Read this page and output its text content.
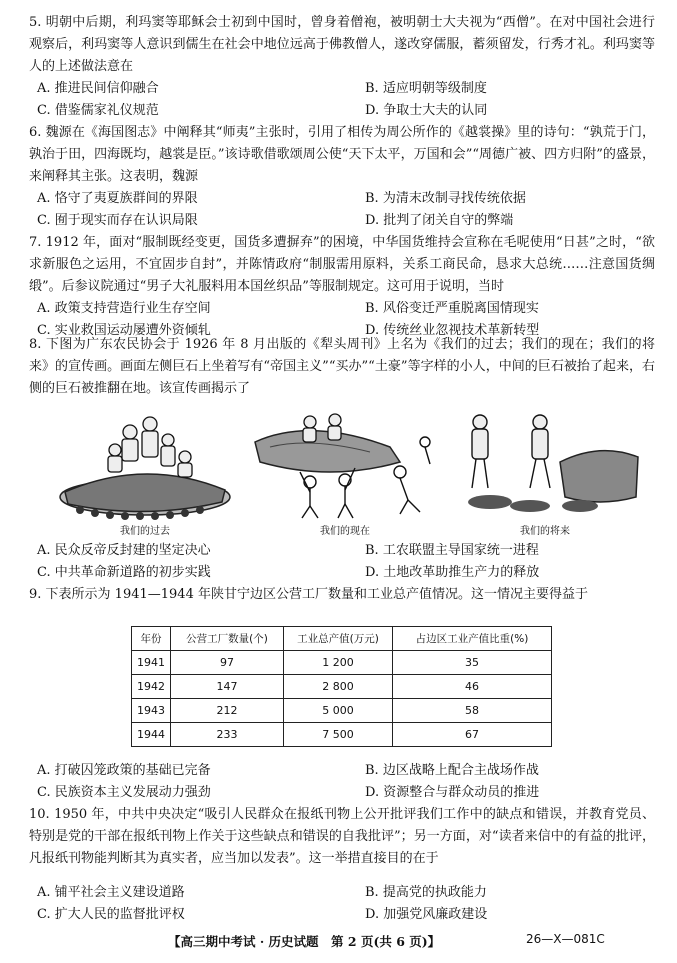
5. 明朝中后期，利玛窦等耶稣会士初到中国时，曾身着僧袍，被明朝士大夫视为“西僧”。在对中国社会进行观察后，利玛窦等人意识到儒生在社会中地位远高于佛教僧人，遂改穿儒服，蓄须留发，行秀才礼。利玛窦等人的上述做法意在

A. 推进民间信仰融合	B. 适应明朝等级制度
C. 借鉴儒家礼仪规范	D. 争取士大夫的认同

6. 魏源在《海国图志》中阐释其“师夷”主张时，引用了相传为周公所作的《越裳操》里的诗句：“孰荒于门，孰治于田，四海既均，越裳是臣。”该诗歌借歌颂周公使“天下太平，万国和会”“周德广被、四方归附”的盛景，来阐释其主张。这表明，魏源

A. 恪守了夷夏族群间的界限	B. 为清末改制寻找传统依据
C. 囿于现实而存在认识局限	D. 批判了闭关自守的弊端

7. 1912 年，面对“服制既经变更，国货多遭摒弃”的困境，中华国货维持会宣称在毛呢使用“日甚”之时，“欲求新服色之运用，不宜固步自封”，并陈情政府“制服需用原料，关系工商民命，恳求大总统……注意国货绸缎”。后参议院通过“男子大礼服料用本国丝织品”等服制规定。这可用于说明，当时

A. 政策支持营造行业生存空间	B. 风俗变迁严重脱离国情现实
C. 实业救国运动屡遭外资倾轧	D. 传统丝业忽视技术革新转型

8. 下图为广东农民协会于 1926 年 8 月出版的《犁头周刊》上名为《我们的过去；我们的现在；我们的将来》的宣传画。画面左侧巨石上坐着写有“帝国主义”“买办”“土豪”等字样的小人，中间的巨石被抬了起来，右侧的巨石被推翻在地。该宣传画揭示了

我们的过去	我们的现在	我们的将来
A. 民众反帝反封建的坚定决心	B. 工农联盟主导国家统一进程
C. 中共革命新道路的初步实践	D. 土地改革助推生产力的释放

9. 下表所示为 1941—1944 年陕甘宁边区公营工厂数量和工业总产值情况。这一情况主要得益于

年份	公营工厂数量(个)	工业总产值(万元)	占边区工业产值比重(%)
1941	97	1 200	35
1942	147	2 800	46
1943	212	5 000	58
1944	233	7 500	67
A. 打破囚笼政策的基础已完备	B. 边区战略上配合主战场作战
C. 民族资本主义发展动力强劲	D. 资源整合与群众动员的推进

10. 1950 年，中共中央决定“吸引人民群众在报纸刊物上公开批评我们工作中的缺点和错误，并教育党员、特别是党的干部在报纸刊物上作关于这些缺点和错误的自我批评”；另一方面，对“读者来信中的有益的批评，凡报纸刊物能判断其为真实者，应当加以发表”。这一举措直接目的在于

A. 铺平社会主义建设道路	B. 提高党的执政能力
C. 扩大人民的监督批评权	D. 加强党风廉政建设
【高三期中考试 · 历史试题　第 2 页(共 6 页)】	26—X—081C
